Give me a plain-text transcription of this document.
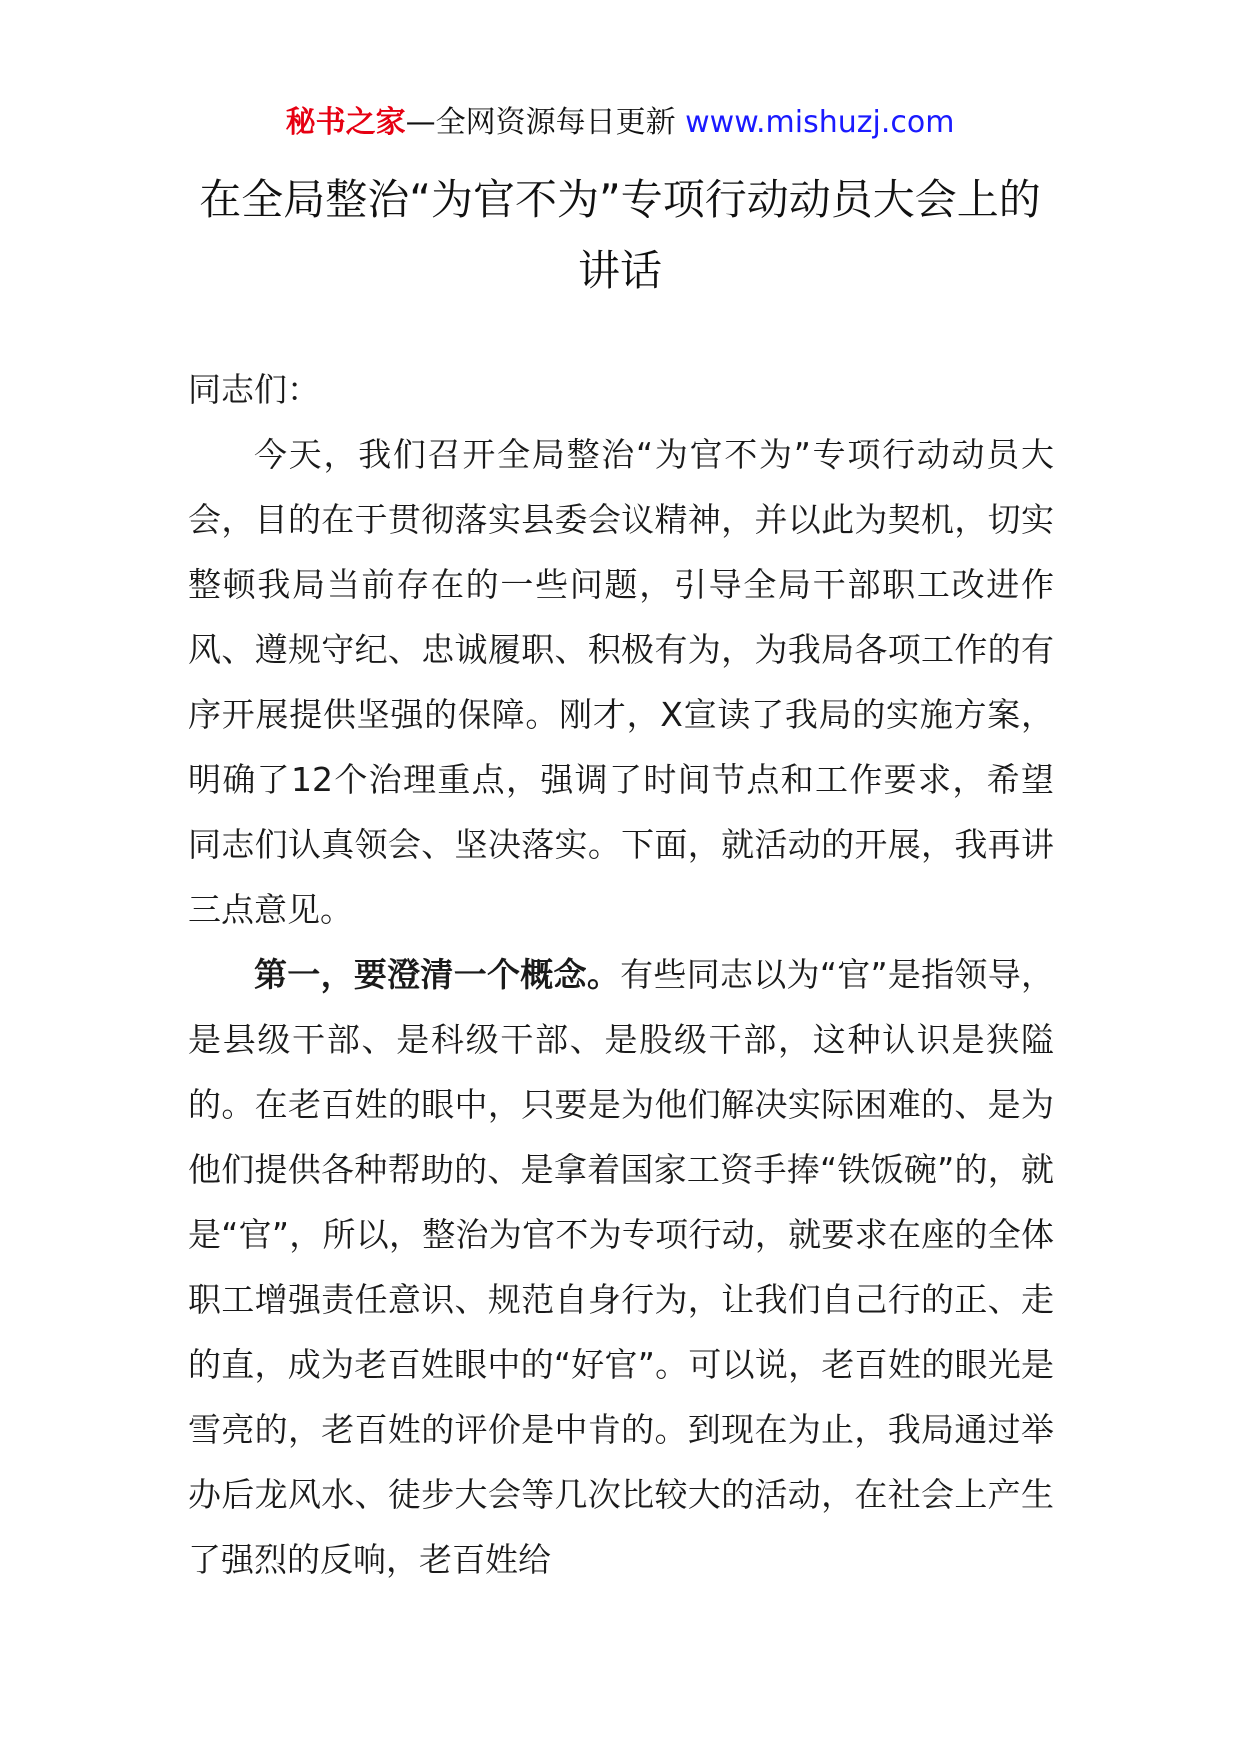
秘书之家—全网资源每日更新 www.mishuzj.com
在全局整治“为官不为”专项行动动员大会上的讲话

同志们：

今天，我们召开全局整治“为官不为”专项行动动员大会，目的在于贯彻落实县委会议精神，并以此为契机，切实整顿我局当前存在的一些问题，引导全局干部职工改进作风、遵规守纪、忠诚履职、积极有为，为我局各项工作的有序开展提供坚强的保障。刚才，X宣读了我局的实施方案，明确了12个治理重点，强调了时间节点和工作要求，希望同志们认真领会、坚决落实。下面，就活动的开展，我再讲三点意见。

第一，要澄清一个概念。有些同志以为“官”是指领导，是县级干部、是科级干部、是股级干部，这种认识是狭隘的。在老百姓的眼中，只要是为他们解决实际困难的、是为他们提供各种帮助的、是拿着国家工资手捧“铁饭碗”的，就是“官”，所以，整治为官不为专项行动，就要求在座的全体职工增强责任意识、规范自身行为，让我们自己行的正、走的直，成为老百姓眼中的“好官”。可以说，老百姓的眼光是雪亮的，老百姓的评价是中肯的。到现在为止，我局通过举办后龙风水、徒步大会等几次比较大的活动，在社会上产生了强烈的反响，老百姓给
